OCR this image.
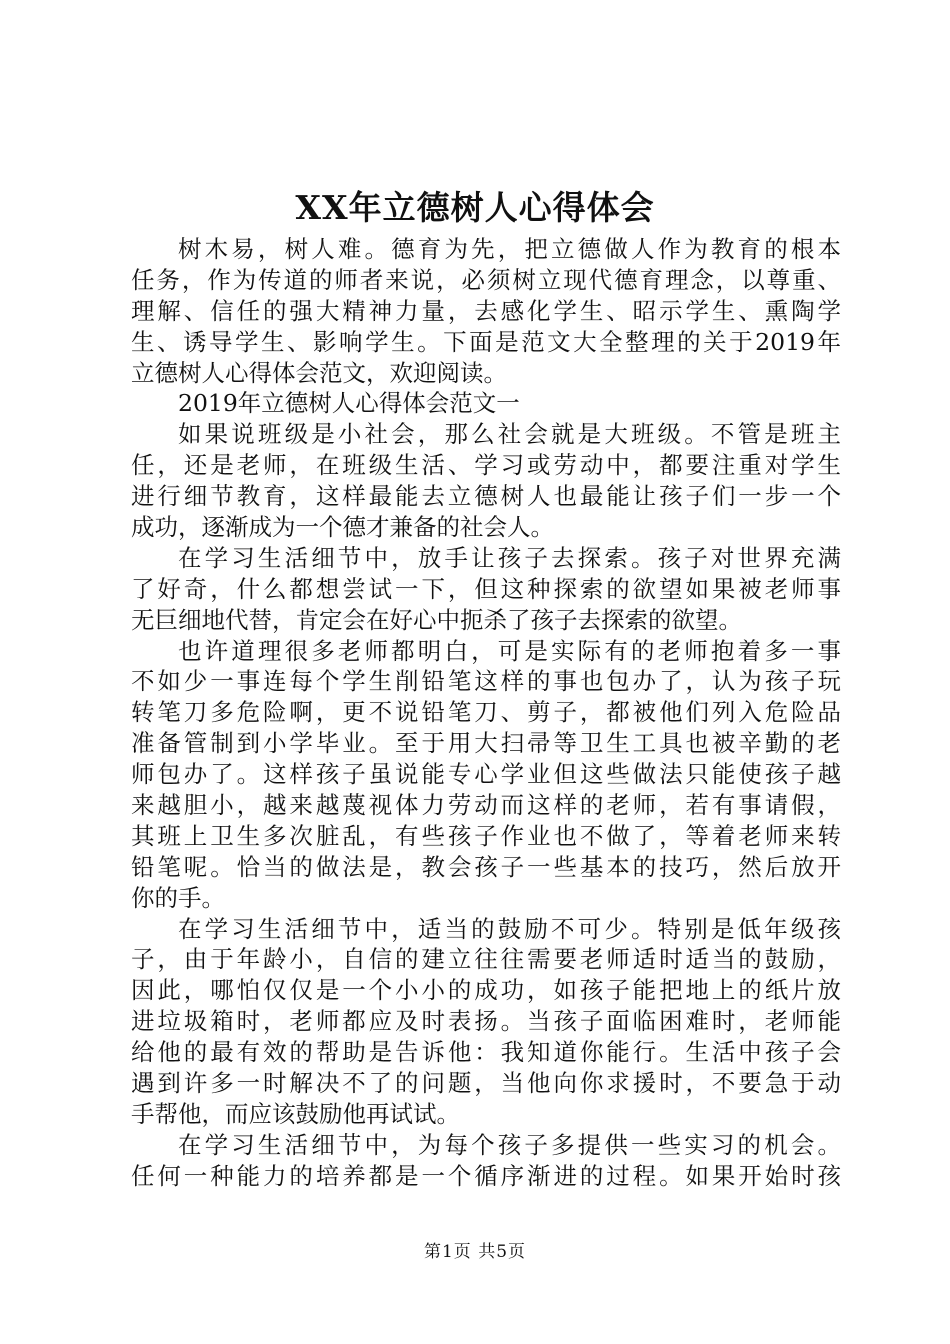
XX年立德树人心得体会
树木易，树人难。德育为先，把立德做人作为教育的根本
任务，作为传道的师者来说，必须树立现代德育理念，以尊重、
理解、信任的强大精神力量，去感化学生、昭示学生、熏陶学
生、诱导学生、影响学生。下面是范文大全整理的关于2019年
立德树人心得体会范文，欢迎阅读。
2019年立德树人心得体会范文一
如果说班级是小社会，那么社会就是大班级。不管是班主
任，还是老师，在班级生活、学习或劳动中，都要注重对学生
进行细节教育，这样最能去立德树人也最能让孩子们一步一个
成功，逐渐成为一个德才兼备的社会人。
在学习生活细节中，放手让孩子去探索。孩子对世界充满
了好奇，什么都想尝试一下，但这种探索的欲望如果被老师事
无巨细地代替，肯定会在好心中扼杀了孩子去探索的欲望。
也许道理很多老师都明白，可是实际有的老师抱着多一事
不如少一事连每个学生削铅笔这样的事也包办了，认为孩子玩
转笔刀多危险啊，更不说铅笔刀、剪子，都被他们列入危险品
准备管制到小学毕业。至于用大扫帚等卫生工具也被辛勤的老
师包办了。这样孩子虽说能专心学业但这些做法只能使孩子越
来越胆小，越来越蔑视体力劳动而这样的老师，若有事请假，
其班上卫生多次脏乱，有些孩子作业也不做了，等着老师来转
铅笔呢。恰当的做法是，教会孩子一些基本的技巧，然后放开
你的手。
在学习生活细节中，适当的鼓励不可少。特别是低年级孩
子，由于年龄小，自信的建立往往需要老师适时适当的鼓励，
因此，哪怕仅仅是一个小小的成功，如孩子能把地上的纸片放
进垃圾箱时，老师都应及时表扬。当孩子面临困难时，老师能
给他的最有效的帮助是告诉他：我知道你能行。生活中孩子会
遇到许多一时解决不了的问题，当他向你求援时，不要急于动
手帮他，而应该鼓励他再试试。
在学习生活细节中，为每个孩子多提供一些实习的机会。
任何一种能力的培养都是一个循序渐进的过程。如果开始时孩
第1页 共5页
